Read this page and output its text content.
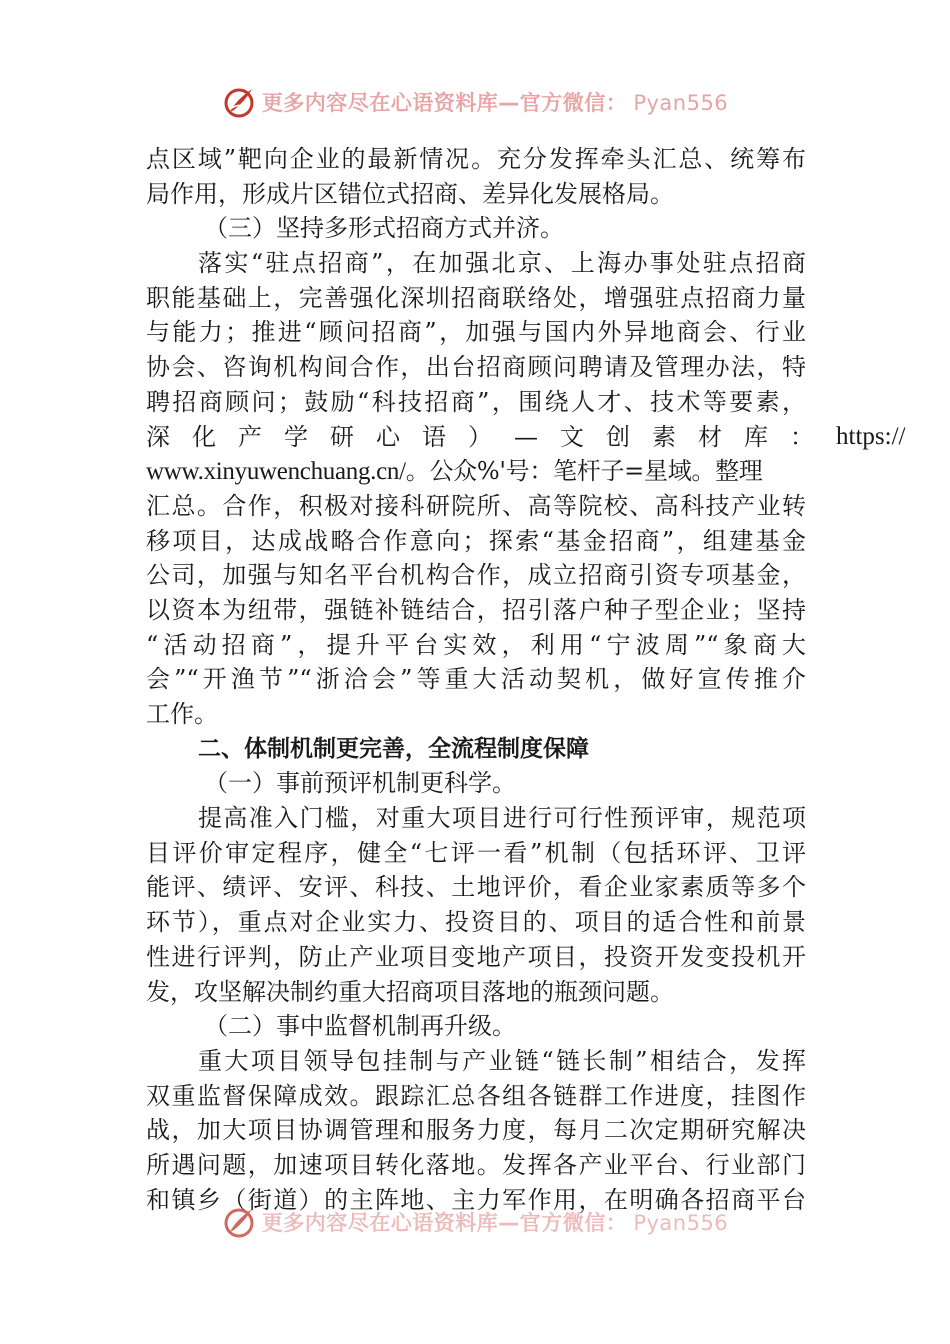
更多内容尽在心语资料库—官方微信： Pyan556
点区域”靶向企业的最新情况。充分发挥牵头汇总、统筹布
局作用，形成片区错位式招商、差异化发展格局。
（三）坚持多形式招商方式并济。
落实“驻点招商”，在加强北京、上海办事处驻点招商
职能基础上，完善强化深圳招商联络处，增强驻点招商力量
与能力；推进“顾问招商”，加强与国内外异地商会、行业
协会、咨询机构间合作，出台招商顾问聘请及管理办法，特
聘招商顾问；鼓励“科技招商”，围绕人才、技术等要素，
深化产学研心语）—文创素材库： https://
www.xinyuwenchuang.cn/。公众%'号：笔杆子=星域。整理
汇总。合作，积极对接科研院所、高等院校、高科技产业转
移项目，达成战略合作意向；探索“基金招商”，组建基金
公司，加强与知名平台机构合作，成立招商引资专项基金，
以资本为纽带，强链补链结合，招引落户种子型企业；坚持
“活动招商”，提升平台实效，利用“宁波周”“象商大
会”“开渔节”“浙洽会”等重大活动契机，做好宣传推介
工作。
二、体制机制更完善，全流程制度保障
（一）事前预评机制更科学。
提高准入门槛，对重大项目进行可行性预评审，规范项
目评价审定程序，健全“七评一看”机制（包括环评、卫评
能评、绩评、安评、科技、土地评价，看企业家素质等多个
环节），重点对企业实力、投资目的、项目的适合性和前景
性进行评判，防止产业项目变地产项目，投资开发变投机开
发，攻坚解决制约重大招商项目落地的瓶颈问题。
（二）事中监督机制再升级。
重大项目领导包挂制与产业链“链长制”相结合，发挥
双重监督保障成效。跟踪汇总各组各链群工作进度，挂图作
战，加大项目协调管理和服务力度，每月二次定期研究解决
所遇问题，加速项目转化落地。发挥各产业平台、行业部门
和镇乡（街道）的主阵地、主力军作用，在明确各招商平台
更多内容尽在心语资料库—官方微信： Pyan556
